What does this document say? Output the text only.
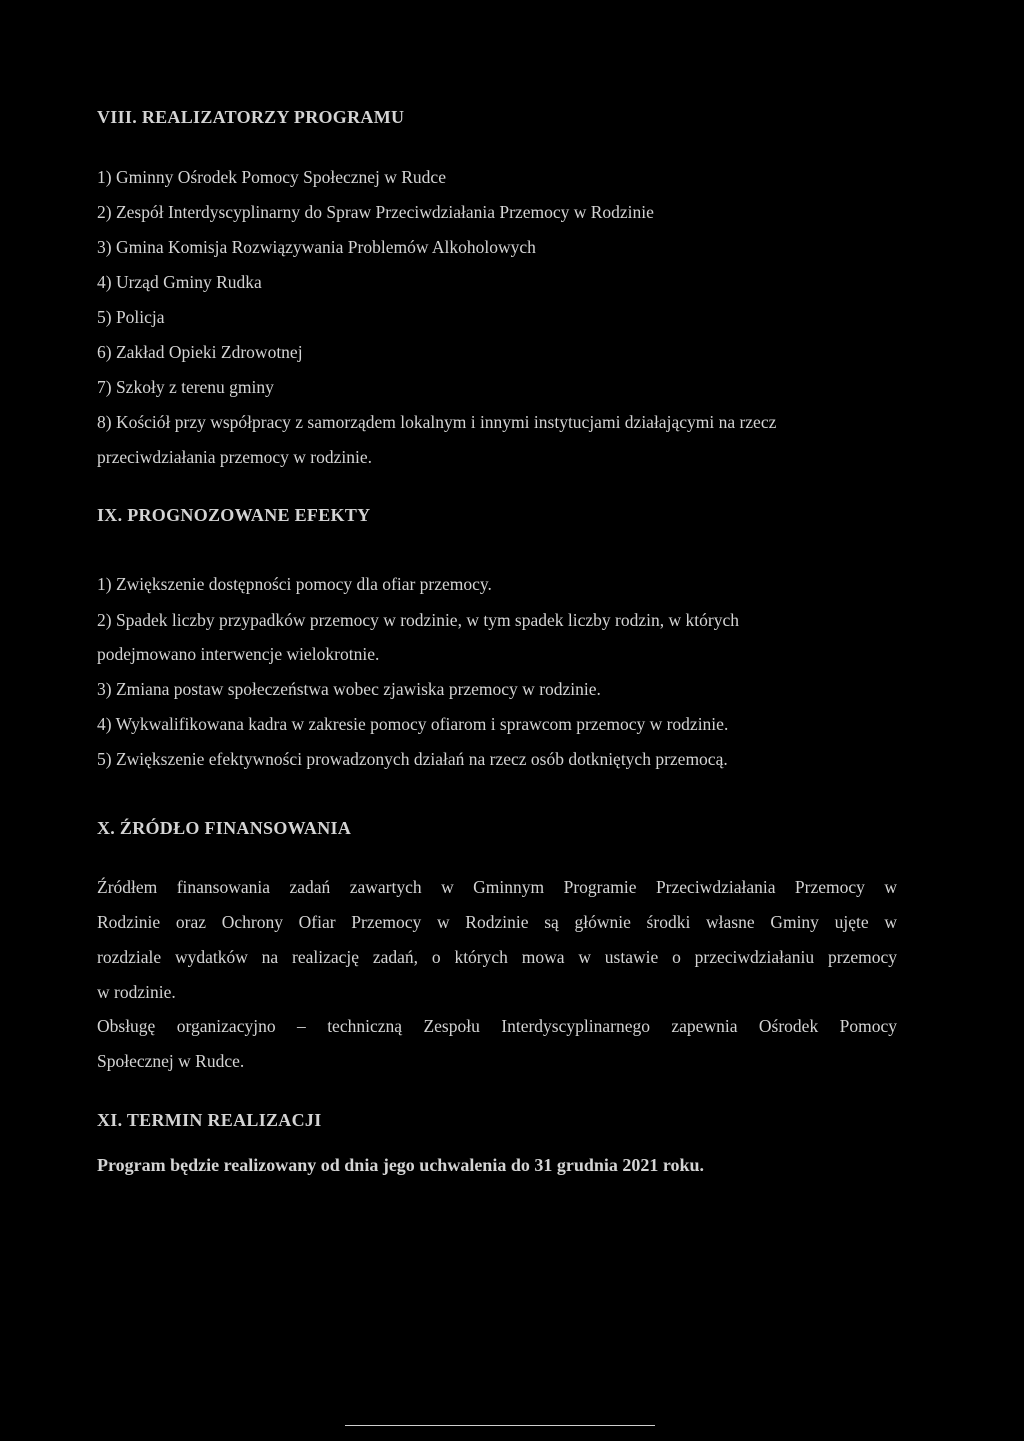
VIII. REALIZATORZY PROGRAMU
1) Gminny Ośrodek Pomocy Społecznej w Rudce
2) Zespół Interdyscyplinarny do Spraw Przeciwdziałania Przemocy w Rodzinie
3) Gmina Komisja Rozwiązywania Problemów Alkoholowych
4) Urząd Gminy Rudka
5) Policja
6) Zakład Opieki Zdrowotnej
7) Szkoły z terenu gminy
8) Kościół przy współpracy z samorządem lokalnym i innymi instytucjami działającymi na rzecz
przeciwdziałania przemocy w rodzinie.
IX. PROGNOZOWANE EFEKTY
1) Zwiększenie dostępności pomocy dla ofiar przemocy.
2) Spadek liczby przypadków przemocy w rodzinie, w tym spadek liczby rodzin, w których
podejmowano interwencje wielokrotnie.
3) Zmiana postaw społeczeństwa wobec zjawiska przemocy w rodzinie.
4) Wykwalifikowana kadra w zakresie pomocy ofiarom i sprawcom przemocy w rodzinie.
5) Zwiększenie efektywności prowadzonych działań na rzecz osób dotkniętych przemocą.
X. ŹRÓDŁO FINANSOWANIA
Źródłem finansowania zadań zawartych w Gminnym Programie Przeciwdziałania Przemocy w
Rodzinie oraz Ochrony Ofiar Przemocy w Rodzinie są głównie środki własne Gminy ujęte w
rozdziale wydatków na realizację zadań, o których mowa w ustawie o przeciwdziałaniu przemocy
w rodzinie.
Obsługę organizacyjno – techniczną Zespołu Interdyscyplinarnego zapewnia Ośrodek Pomocy
Społecznej w Rudce.
XI. TERMIN REALIZACJI
Program będzie realizowany od dnia jego uchwalenia do 31 grudnia 2021 roku.
